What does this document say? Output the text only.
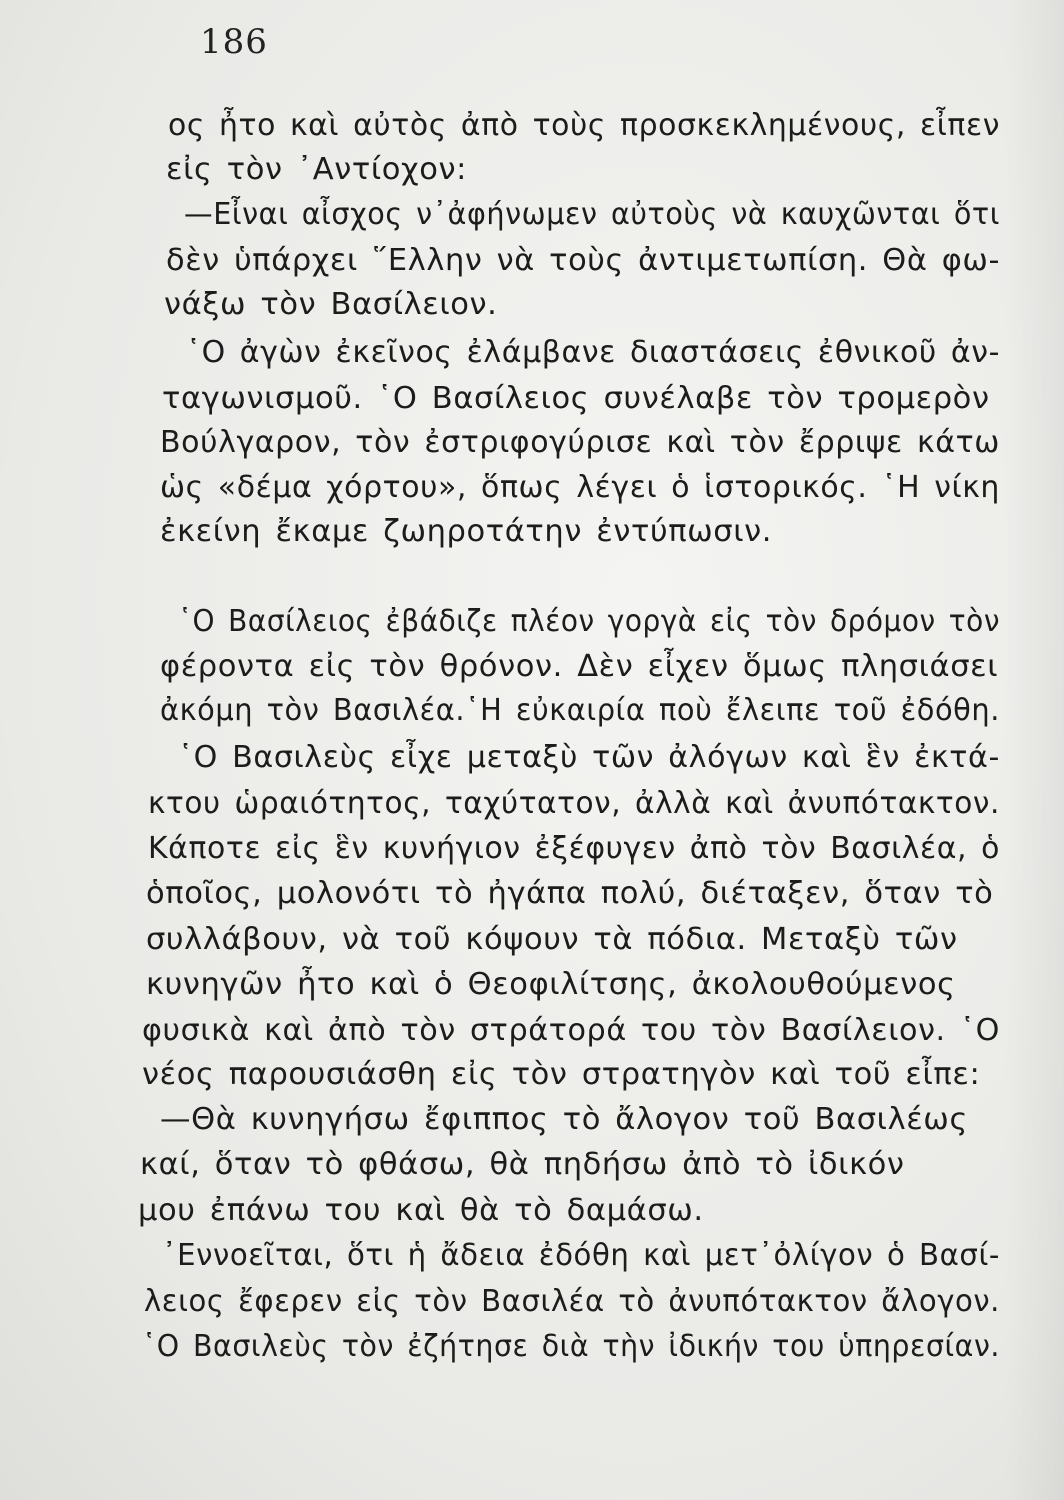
186
ος ἦτο καὶ αὐτὸς ἀπὸ τοὺς προσκεκλημένους, εἶπεν
εἰς τὸν ᾽Αντίοχον:
—Εἶναι αἶσχος ν᾽ἀφήνωμεν αὐτοὺς νὰ καυχῶνται ὅτι
δὲν ὑπάρχει ῞Ελλην νὰ τοὺς ἀντιμετωπίση. Θὰ φω-
νάξω τὸν Βασίλειον.
῾Ο ἀγὼν ἐκεῖνος ἐλάμβανε διαστάσεις ἐθνικοῦ ἀν-
ταγωνισμοῦ. ῾Ο Βασίλειος συνέλαβε τὸν τρομερὸν
Βούλγαρον, τὸν ἐστριφογύρισε καὶ τὸν ἔρριψε κάτω
ὡς «δέμα χόρτου», ὅπως λέγει ὁ ἱστορικός. ῾Η νίκη
ἐκείνη ἔκαμε ζωηροτάτην ἐντύπωσιν.
῾Ο Βασίλειος ἐβάδιζε πλέον γοργὰ εἰς τὸν δρόμον τὸν
φέροντα εἰς τὸν θρόνον. Δὲν εἶχεν ὅμως πλησιάσει
ἀκόμη τὸν Βασιλέα.῾Η εὐκαιρία ποὺ ἔλειπε τοῦ ἐδόθη.
῾Ο Βασιλεὺς εἶχε μεταξὺ τῶν ἀλόγων καὶ ἓν ἐκτά-
κτου ὡραιότητος, ταχύτατον, ἀλλὰ καὶ ἀνυπότακτον.
Κάποτε εἰς ἓν κυνήγιον ἐξέφυγεν ἀπὸ τὸν Βασιλέα, ὁ
ὁποῖος, μολονότι τὸ ἠγάπα πολύ, διέταξεν, ὅταν τὸ
συλλάβουν, νὰ τοῦ κόψουν τὰ πόδια. Μεταξὺ τῶν
κυνηγῶν ἦτο καὶ ὁ Θεοφιλίτσης, ἀκολουθούμενος
φυσικὰ καὶ ἀπὸ τὸν στράτορά του τὸν Βασίλειον. ῾Ο
νέος παρουσιάσθη εἰς τὸν στρατηγὸν καὶ τοῦ εἶπε:
—Θὰ κυνηγήσω ἔφιππος τὸ ἄλογον τοῦ Βασιλέως
καί, ὅταν τὸ φθάσω, θὰ πηδήσω ἀπὸ τὸ ἰδικόν
μου ἐπάνω του καὶ θὰ τὸ δαμάσω.
᾽Εννοεῖται, ὅτι ἡ ἄδεια ἐδόθη καὶ μετ᾽ὀλίγον ὁ Βασί-
λειος ἔφερεν εἰς τὸν Βασιλέα τὸ ἀνυπότακτον ἄλογον.
῾Ο Βασιλεὺς τὸν ἐζήτησε διὰ τὴν ἰδικήν του ὑπηρεσίαν.
